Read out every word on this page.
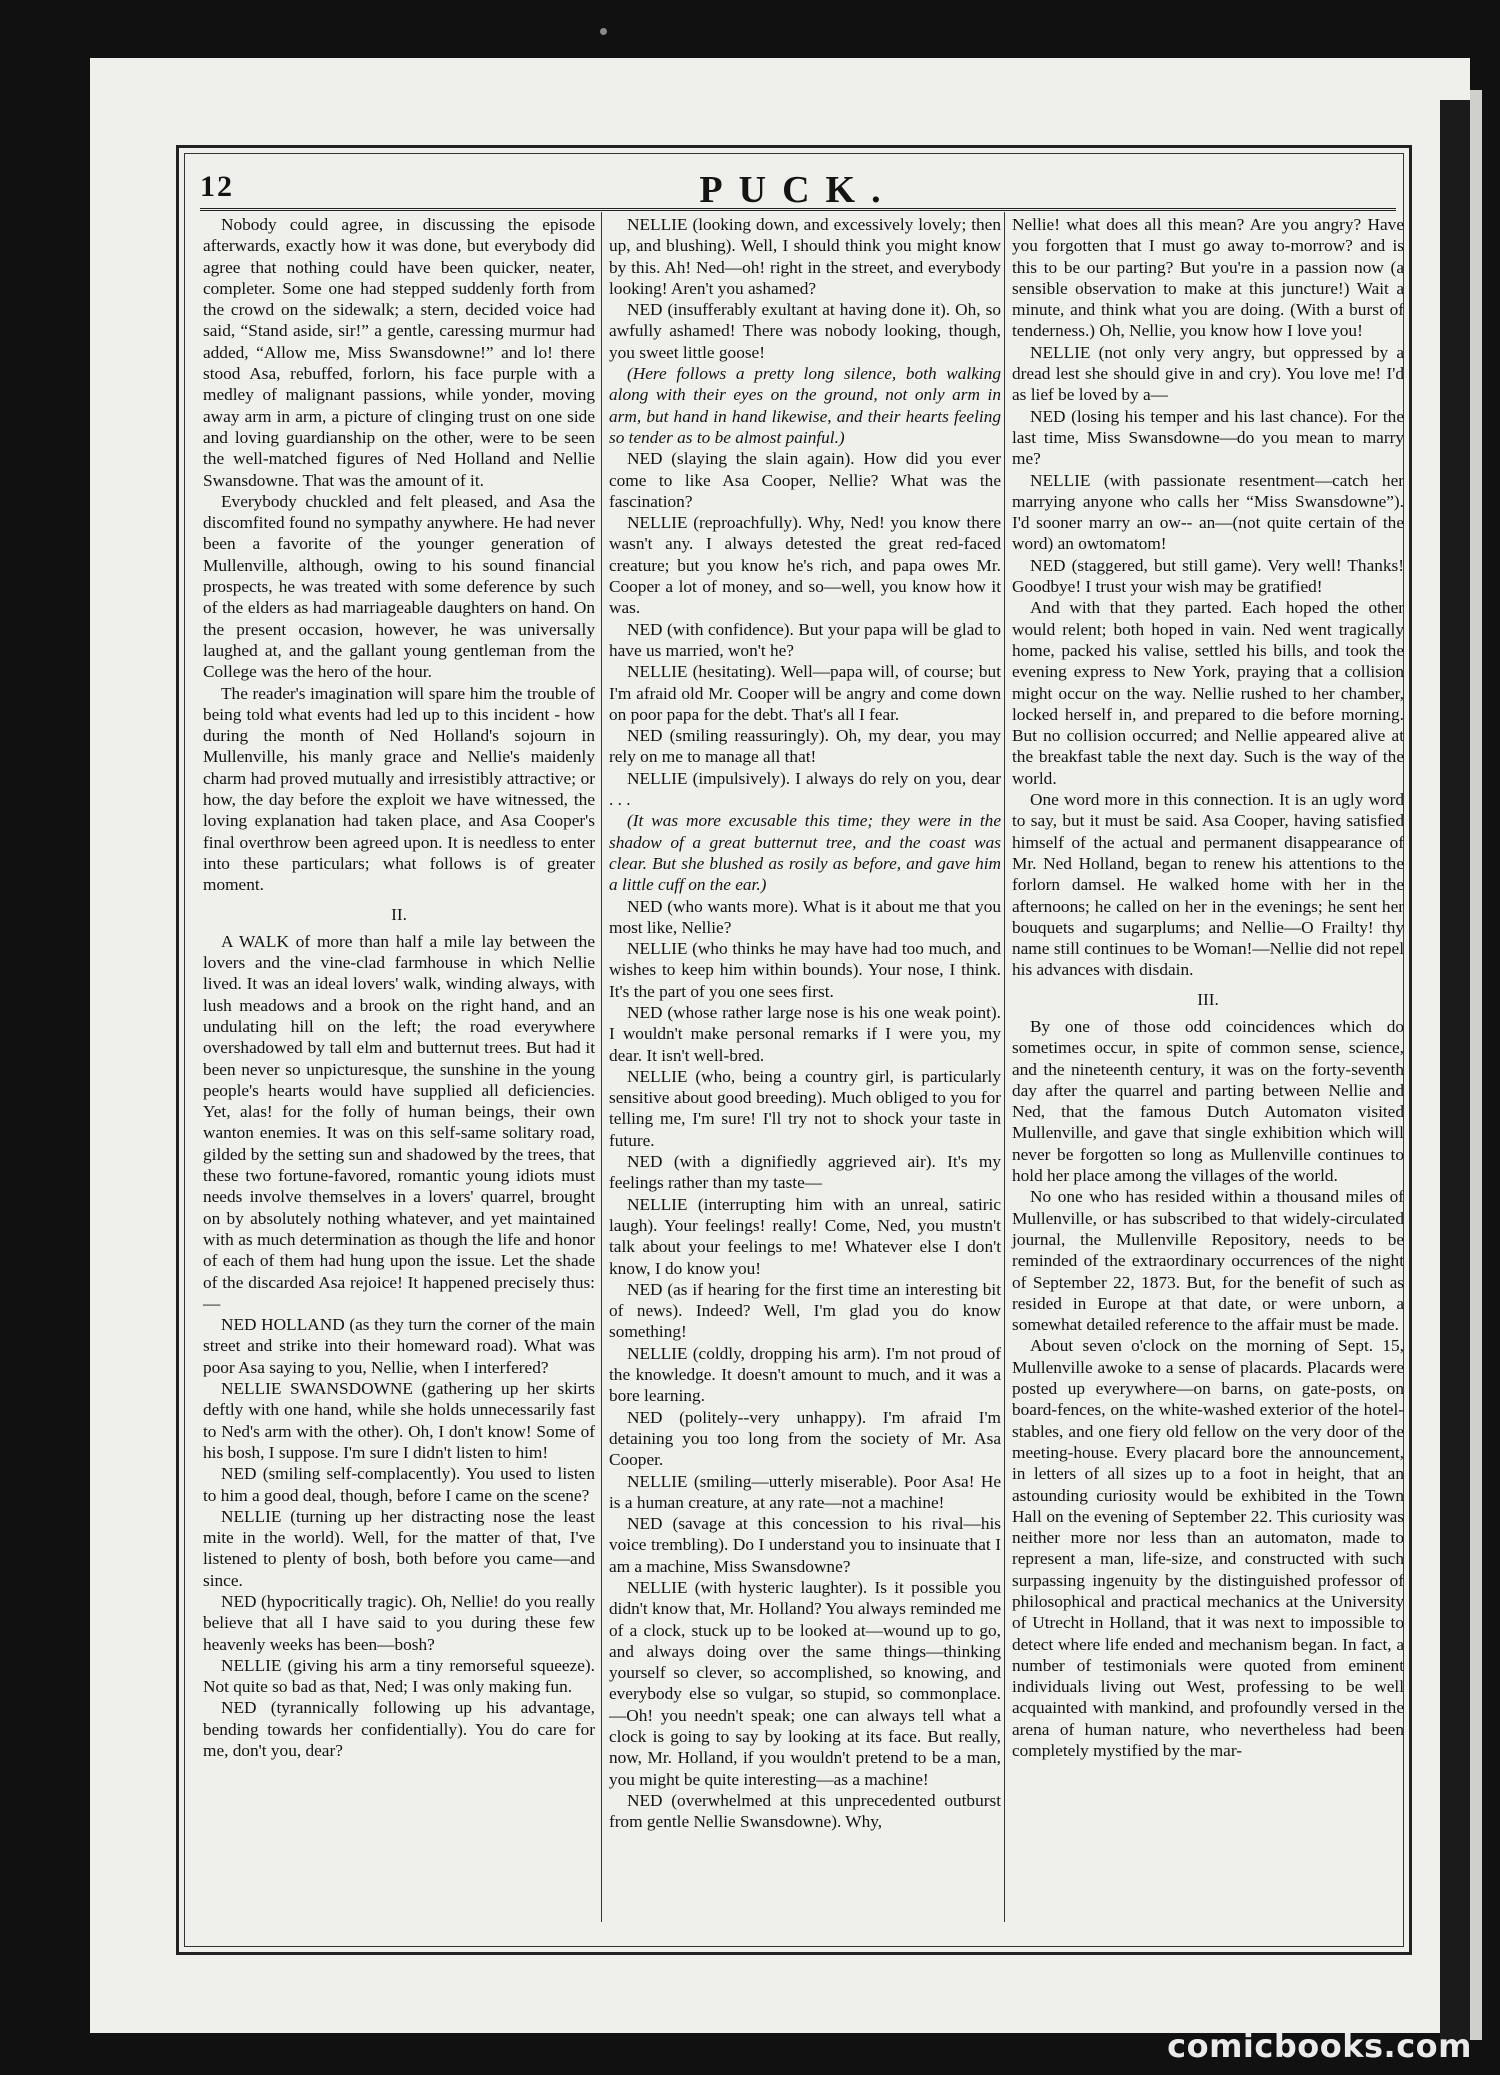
12	PUCK.

Nobody could agree, in discussing the episode afterwards, exactly how it was done, but everybody did agree that nothing could have been quicker, neater, completer. Some one had stepped suddenly forth from the crowd on the sidewalk; a stern, decided voice had said, “Stand aside, sir!” a gentle, caressing murmur had added, “Allow me, Miss Swansdowne!” and lo! there stood Asa, rebuffed, forlorn, his face purple with a medley of malignant passions, while yonder, moving away arm in arm, a picture of clinging trust on one side and loving guardianship on the other, were to be seen the well-matched figures of Ned Holland and Nellie Swansdowne. That was the amount of it.

Everybody chuckled and felt pleased, and Asa the discomfited found no sympathy anywhere. He had never been a favorite of the younger generation of Mullenville, although, owing to his sound financial prospects, he was treated with some deference by such of the elders as had marriageable daughters on hand. On the present occasion, however, he was universally laughed at, and the gallant young gentleman from the College was the hero of the hour.

The reader's imagination will spare him the trouble of being told what events had led up to this incident - how during the month of Ned Holland's sojourn in Mullenville, his manly grace and Nellie's maidenly charm had proved mutually and irresistibly attractive; or how, the day before the exploit we have witnessed, the loving explanation had taken place, and Asa Cooper's final overthrow been agreed upon. It is needless to enter into these particulars; what follows is of greater moment.

II.

A WALK of more than half a mile lay between the lovers and the vine-clad farmhouse in which Nellie lived. It was an ideal lovers' walk, winding always, with lush meadows and a brook on the right hand, and an undulating hill on the left; the road everywhere overshadowed by tall elm and butternut trees. But had it been never so unpicturesque, the sunshine in the young people's hearts would have supplied all deficiencies. Yet, alas! for the folly of human beings, their own wanton enemies. It was on this self-same solitary road, gilded by the setting sun and shadowed by the trees, that these two fortune-favored, romantic young idiots must needs involve themselves in a lovers' quarrel, brought on by absolutely nothing whatever, and yet maintained with as much determination as though the life and honor of each of them had hung upon the issue. Let the shade of the discarded Asa rejoice! It happened precisely thus:—

NED HOLLAND (as they turn the corner of the main street and strike into their homeward road). What was poor Asa saying to you, Nellie, when I interfered?

NELLIE SWANSDOWNE (gathering up her skirts deftly with one hand, while she holds unnecessarily fast to Ned's arm with the other). Oh, I don't know! Some of his bosh, I suppose. I'm sure I didn't listen to him!

NED (smiling self-complacently). You used to listen to him a good deal, though, before I came on the scene?

NELLIE (turning up her distracting nose the least mite in the world). Well, for the matter of that, I've listened to plenty of bosh, both before you came—and since.

NED (hypocritically tragic). Oh, Nellie! do you really believe that all I have said to you during these few heavenly weeks has been—bosh?

NELLIE (giving his arm a tiny remorseful squeeze). Not quite so bad as that, Ned; I was only making fun.

NED (tyrannically following up his advantage, bending towards her confidentially). You do care for me, don't you, dear?

NELLIE (looking down, and excessively lovely; then up, and blushing). Well, I should think you might know by this. Ah! Ned—oh! right in the street, and everybody looking! Aren't you ashamed?

NED (insufferably exultant at having done it). Oh, so awfully ashamed! There was nobody looking, though, you sweet little goose!

(Here follows a pretty long silence, both walking along with their eyes on the ground, not only arm in arm, but hand in hand likewise, and their hearts feeling so tender as to be almost painful.)

NED (slaying the slain again). How did you ever come to like Asa Cooper, Nellie? What was the fascination?

NELLIE (reproachfully). Why, Ned! you know there wasn't any. I always detested the great red-faced creature; but you know he's rich, and papa owes Mr. Cooper a lot of money, and so—well, you know how it was.

NED (with confidence). But your papa will be glad to have us married, won't he?

NELLIE (hesitating). Well—papa will, of course; but I'm afraid old Mr. Cooper will be angry and come down on poor papa for the debt. That's all I fear.

NED (smiling reassuringly). Oh, my dear, you may rely on me to manage all that!

NELLIE (impulsively). I always do rely on you, dear . . .

(It was more excusable this time; they were in the shadow of a great butternut tree, and the coast was clear. But she blushed as rosily as before, and gave him a little cuff on the ear.)

NED (who wants more). What is it about me that you most like, Nellie?

NELLIE (who thinks he may have had too much, and wishes to keep him within bounds). Your nose, I think. It's the part of you one sees first.

NED (whose rather large nose is his one weak point). I wouldn't make personal remarks if I were you, my dear. It isn't well-bred.

NELLIE (who, being a country girl, is particularly sensitive about good breeding). Much obliged to you for telling me, I'm sure! I'll try not to shock your taste in future.

NED (with a dignifiedly aggrieved air). It's my feelings rather than my taste—

NELLIE (interrupting him with an unreal, satiric laugh). Your feelings! really! Come, Ned, you mustn't talk about your feelings to me! Whatever else I don't know, I do know you!

NED (as if hearing for the first time an interesting bit of news). Indeed? Well, I'm glad you do know something!

NELLIE (coldly, dropping his arm). I'm not proud of the knowledge. It doesn't amount to much, and it was a bore learning.

NED (politely--very unhappy). I'm afraid I'm detaining you too long from the society of Mr. Asa Cooper.

NELLIE (smiling—utterly miserable). Poor Asa! He is a human creature, at any rate—not a machine!

NED (savage at this concession to his rival—his voice trembling). Do I understand you to insinuate that I am a machine, Miss Swansdowne?

NELLIE (with hysteric laughter). Is it possible you didn't know that, Mr. Holland? You always reminded me of a clock, stuck up to be looked at—wound up to go, and always doing over the same things—thinking yourself so clever, so accomplished, so knowing, and everybody else so vulgar, so stupid, so commonplace. —Oh! you needn't speak; one can always tell what a clock is going to say by looking at its face. But really, now, Mr. Holland, if you wouldn't pretend to be a man, you might be quite interesting—as a machine!

NED (overwhelmed at this unprecedented outburst from gentle Nellie Swansdowne). Why,

Nellie! what does all this mean? Are you angry? Have you forgotten that I must go away to-morrow? and is this to be our parting? But you're in a passion now (a sensible observation to make at this juncture!) Wait a minute, and think what you are doing. (With a burst of tenderness.) Oh, Nellie, you know how I love you!

NELLIE (not only very angry, but oppressed by a dread lest she should give in and cry). You love me! I'd as lief be loved by a—

NED (losing his temper and his last chance). For the last time, Miss Swansdowne—do you mean to marry me?

NELLIE (with passionate resentment—catch her marrying anyone who calls her “Miss Swansdowne”). I'd sooner marry an ow-- an—(not quite certain of the word) an owtomatom!

NED (staggered, but still game). Very well! Thanks! Goodbye! I trust your wish may be gratified!

And with that they parted. Each hoped the other would relent; both hoped in vain. Ned went tragically home, packed his valise, settled his bills, and took the evening express to New York, praying that a collision might occur on the way. Nellie rushed to her chamber, locked herself in, and prepared to die before morning. But no collision occurred; and Nellie appeared alive at the breakfast table the next day. Such is the way of the world.

One word more in this connection. It is an ugly word to say, but it must be said. Asa Cooper, having satisfied himself of the actual and permanent disappearance of Mr. Ned Holland, began to renew his attentions to the forlorn damsel. He walked home with her in the afternoons; he called on her in the evenings; he sent her bouquets and sugarplums; and Nellie—O Frailty! thy name still continues to be Woman!—Nellie did not repel his advances with disdain.

III.

By one of those odd coincidences which do sometimes occur, in spite of common sense, science, and the nineteenth century, it was on the forty-seventh day after the quarrel and parting between Nellie and Ned, that the famous Dutch Automaton visited Mullenville, and gave that single exhibition which will never be forgotten so long as Mullenville continues to hold her place among the villages of the world.

No one who has resided within a thousand miles of Mullenville, or has subscribed to that widely-circulated journal, the Mullenville Repository, needs to be reminded of the extraordinary occurrences of the night of September 22, 1873. But, for the benefit of such as resided in Europe at that date, or were unborn, a somewhat detailed reference to the affair must be made.

About seven o'clock on the morning of Sept. 15, Mullenville awoke to a sense of placards. Placards were posted up everywhere—on barns, on gate-posts, on board-fences, on the white-washed exterior of the hotel-stables, and one fiery old fellow on the very door of the meeting-house. Every placard bore the announcement, in letters of all sizes up to a foot in height, that an astounding curiosity would be exhibited in the Town Hall on the evening of September 22. This curiosity was neither more nor less than an automaton, made to represent a man, life-size, and constructed with such surpassing ingenuity by the distinguished professor of philosophical and practical mechanics at the University of Utrecht in Holland, that it was next to impossible to detect where life ended and mechanism began. In fact, a number of testimonials were quoted from eminent individuals living out West, professing to be well acquainted with mankind, and profoundly versed in the arena of human nature, who nevertheless had been completely mystified by the mar-

comicbooks.com
